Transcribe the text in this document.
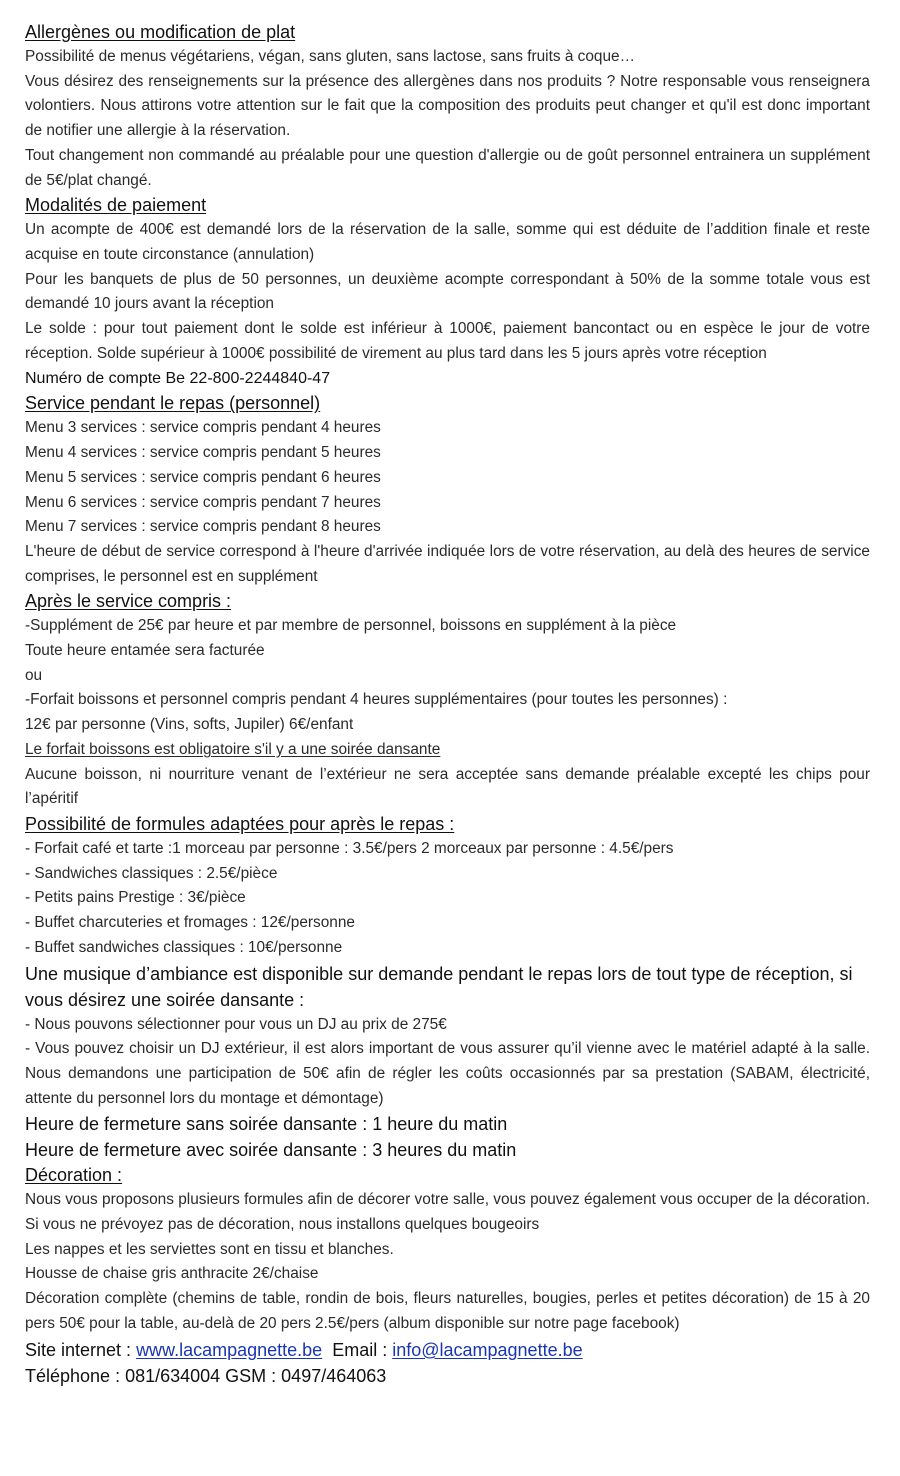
Allergènes ou modification de plat

Possibilité de menus végétariens, végan, sans gluten, sans lactose, sans fruits à coque…

Vous désirez des renseignements sur la présence des allergènes dans nos produits ? Notre responsable vous renseignera volontiers. Nous attirons votre attention sur le fait que la composition des produits peut changer et qu'il est donc important de notifier une allergie à la réservation.

Tout changement non commandé au préalable pour une question d'allergie ou de goût personnel entrainera un supplément de 5€/plat changé.

Modalités de paiement

Un acompte de 400€ est demandé lors de la réservation de la salle, somme qui est déduite de l’addition finale et reste acquise en toute circonstance (annulation)

Pour les banquets de plus de 50 personnes, un deuxième acompte correspondant à 50% de la somme totale vous est demandé 10 jours avant la réception

Le solde : pour tout paiement dont le solde est inférieur à 1000€, paiement bancontact ou en espèce le jour de votre réception. Solde supérieur à 1000€ possibilité de virement au plus tard dans les 5 jours après votre réception

Numéro de compte Be 22-800-2244840-47

Service pendant le repas (personnel)

Menu 3 services : service compris pendant 4 heures

Menu 4 services : service compris pendant 5 heures

Menu 5 services : service compris pendant 6 heures

Menu 6 services : service compris pendant 7 heures

Menu 7 services : service compris pendant 8 heures

L'heure de début de service correspond à l'heure d'arrivée indiquée lors de votre réservation, au delà des heures de service comprises, le personnel est en supplément

Après le service compris :

-Supplément de 25€ par heure et par membre de personnel, boissons en supplément à la pièce

Toute heure entamée sera facturée

ou

-Forfait boissons et personnel compris pendant 4 heures supplémentaires (pour toutes les personnes) :

12€ par personne (Vins, softs, Jupiler) 6€/enfant

Le forfait boissons est obligatoire s'il y a une soirée dansante

Aucune boisson, ni nourriture venant de l’extérieur ne sera acceptée sans demande préalable excepté les chips pour l’apéritif

Possibilité de formules adaptées pour après le repas :

- Forfait café et tarte :1 morceau par personne : 3.5€/pers 2 morceaux par personne : 4.5€/pers

- Sandwiches classiques : 2.5€/pièce

- Petits pains Prestige : 3€/pièce

- Buffet charcuteries et fromages : 12€/personne

- Buffet sandwiches classiques : 10€/personne

Une musique d’ambiance est disponible sur demande pendant le repas lors de tout type de réception, si vous désirez une soirée dansante :

- Nous pouvons sélectionner pour vous un DJ au prix de 275€

- Vous pouvez choisir un DJ extérieur, il est alors important de vous assurer qu’il vienne avec le matériel adapté à la salle. Nous demandons une participation de 50€ afin de régler les coûts occasionnés par sa prestation (SABAM, électricité, attente du personnel lors du montage et démontage)

Heure de fermeture sans soirée dansante : 1 heure du matin

Heure de fermeture avec soirée dansante : 3 heures du matin

Décoration :

Nous vous proposons plusieurs formules afin de décorer votre salle, vous pouvez également vous occuper de la décoration. Si vous ne prévoyez pas de décoration, nous installons quelques bougeoirs

Les nappes et les serviettes sont en tissu et blanches.

Housse de chaise gris anthracite 2€/chaise

Décoration complète (chemins de table, rondin de bois, fleurs naturelles, bougies, perles et petites décoration) de 15 à 20 pers 50€ pour la table, au-delà de 20 pers 2.5€/pers (album disponible sur notre page facebook)

Site internet : www.lacampagnette.be Email : info@lacampagnette.be

Téléphone : 081/634004 GSM : 0497/464063
